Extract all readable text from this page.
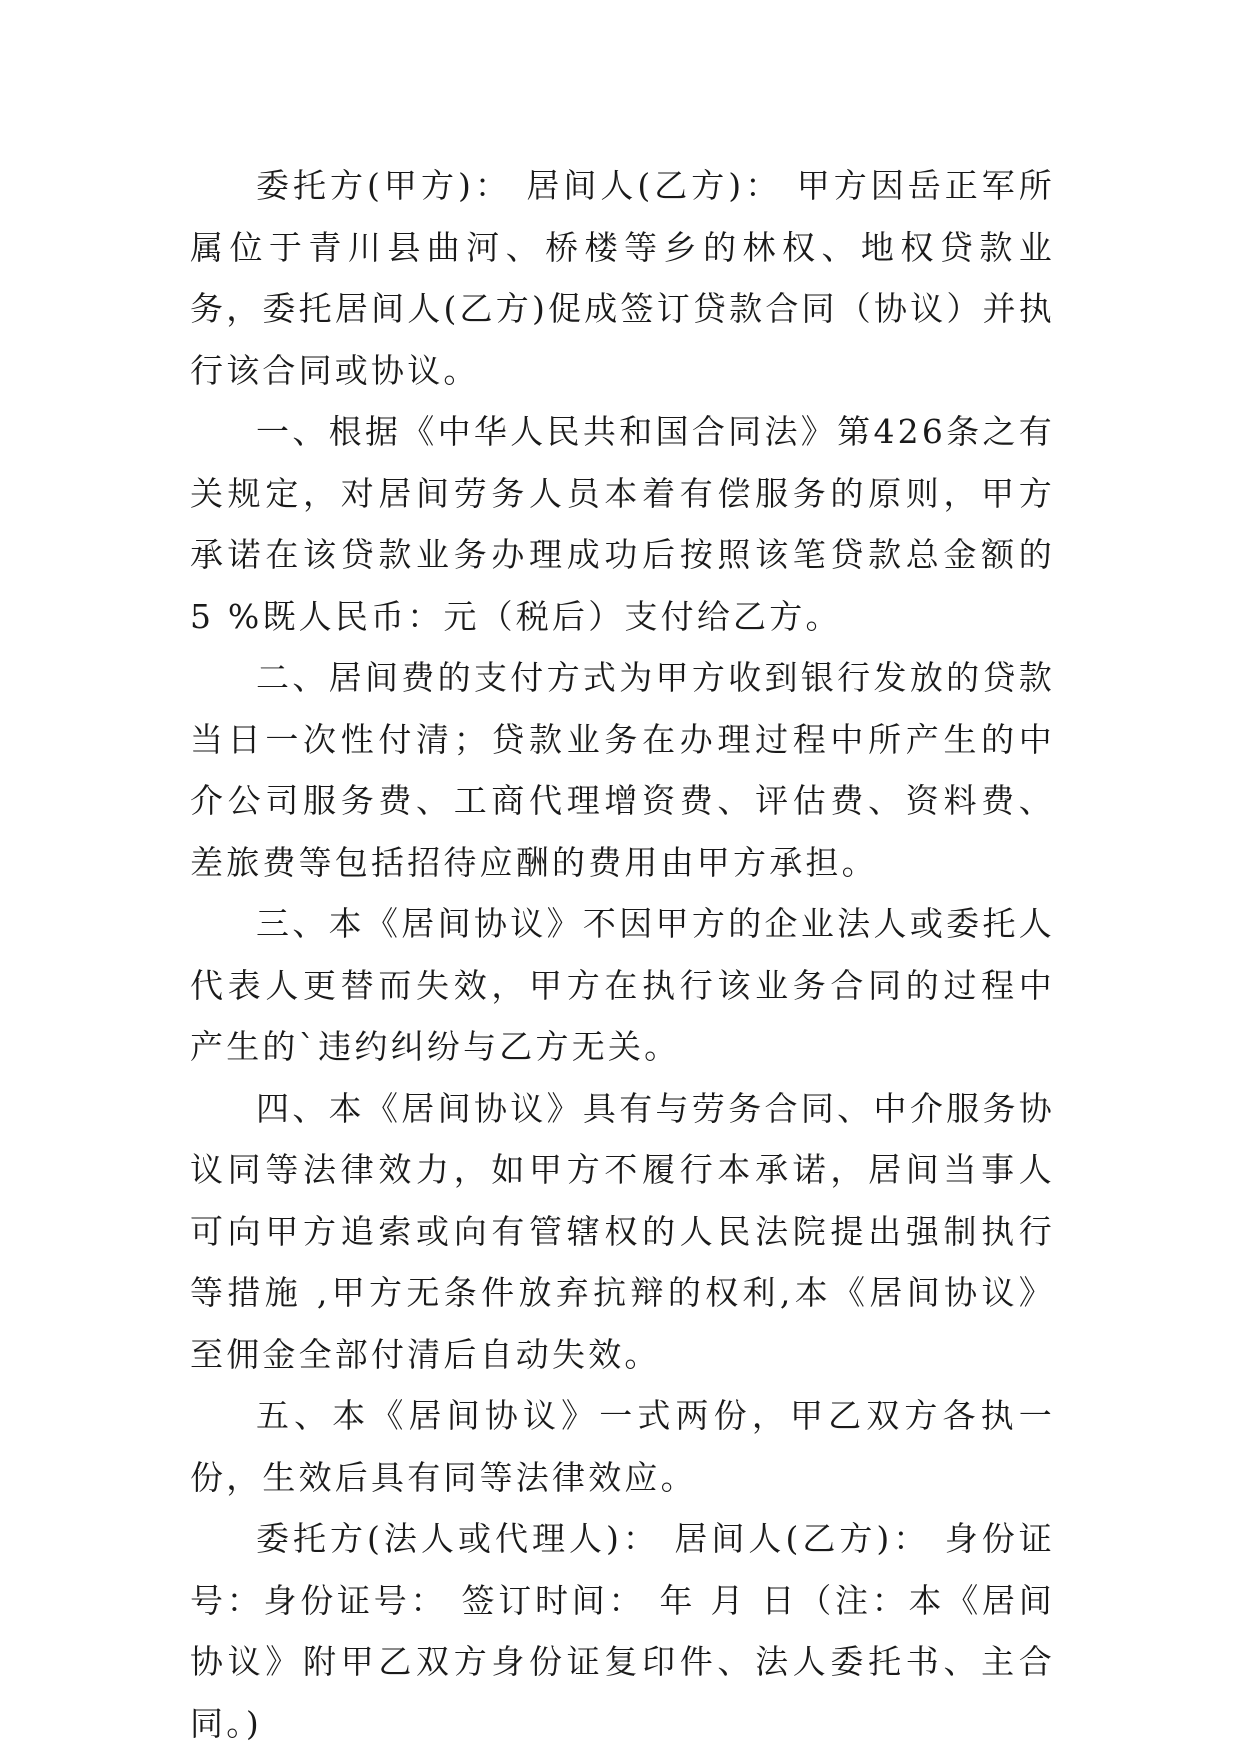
委托方(甲方)： 居间人(乙方)： 甲方因岳正军所属位于青川县曲河、桥楼等乡的林权、地权贷款业务，委托居间人(乙方)促成签订贷款合同（协议）并执行该合同或协议。

一、根据《中华人民共和国合同法》第426条之有关规定，对居间劳务人员本着有偿服务的原则，甲方承诺在该贷款业务办理成功后按照该笔贷款总金额的 5 %既人民币：元（税后）支付给乙方。

二、居间费的支付方式为甲方收到银行发放的贷款当日一次性付清；贷款业务在办理过程中所产生的中介公司服务费、工商代理增资费、评估费、资料费、差旅费等包括招待应酬的费用由甲方承担。

三、本《居间协议》不因甲方的企业法人或委托人代表人更替而失效，甲方在执行该业务合同的过程中产生的`违约纠纷与乙方无关。

四、本《居间协议》具有与劳务合同、中介服务协议同等法律效力，如甲方不履行本承诺，居间当事人可向甲方追索或向有管辖权的人民法院提出强制执行等措施 ,甲方无条件放弃抗辩的权利,本《居间协议》至佣金全部付清后自动失效。

五、本《居间协议》一式两份，甲乙双方各执一份，生效后具有同等法律效应。

委托方(法人或代理人)： 居间人(乙方)： 身份证号：身份证号： 签订时间： 年 月 日（注：本《居间协议》附甲乙双方身份证复印件、法人委托书、主合同。)
